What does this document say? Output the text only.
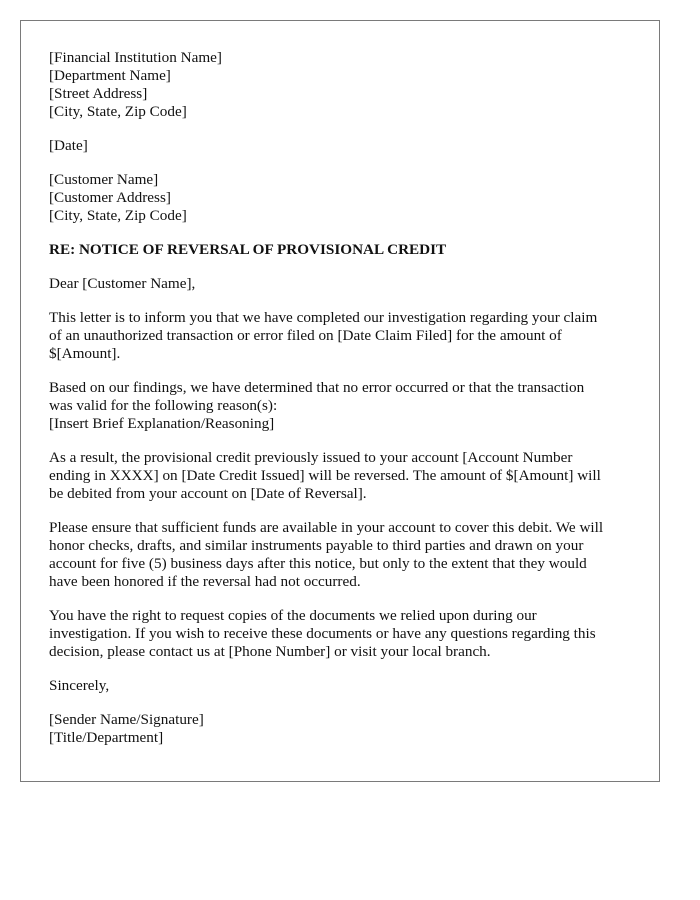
[Financial Institution Name]
[Department Name]
[Street Address]
[City, State, Zip Code]
[Date]
[Customer Name]
[Customer Address]
[City, State, Zip Code]
RE: NOTICE OF REVERSAL OF PROVISIONAL CREDIT
Dear [Customer Name],
This letter is to inform you that we have completed our investigation regarding your claim
of an unauthorized transaction or error filed on [Date Claim Filed] for the amount of
$[Amount].
Based on our findings, we have determined that no error occurred or that the transaction
was valid for the following reason(s):
[Insert Brief Explanation/Reasoning]
As a result, the provisional credit previously issued to your account [Account Number
ending in XXXX] on [Date Credit Issued] will be reversed. The amount of $[Amount] will
be debited from your account on [Date of Reversal].
Please ensure that sufficient funds are available in your account to cover this debit. We will
honor checks, drafts, and similar instruments payable to third parties and drawn on your
account for five (5) business days after this notice, but only to the extent that they would
have been honored if the reversal had not occurred.
You have the right to request copies of the documents we relied upon during our
investigation. If you wish to receive these documents or have any questions regarding this
decision, please contact us at [Phone Number] or visit your local branch.
Sincerely,
[Sender Name/Signature]
[Title/Department]
